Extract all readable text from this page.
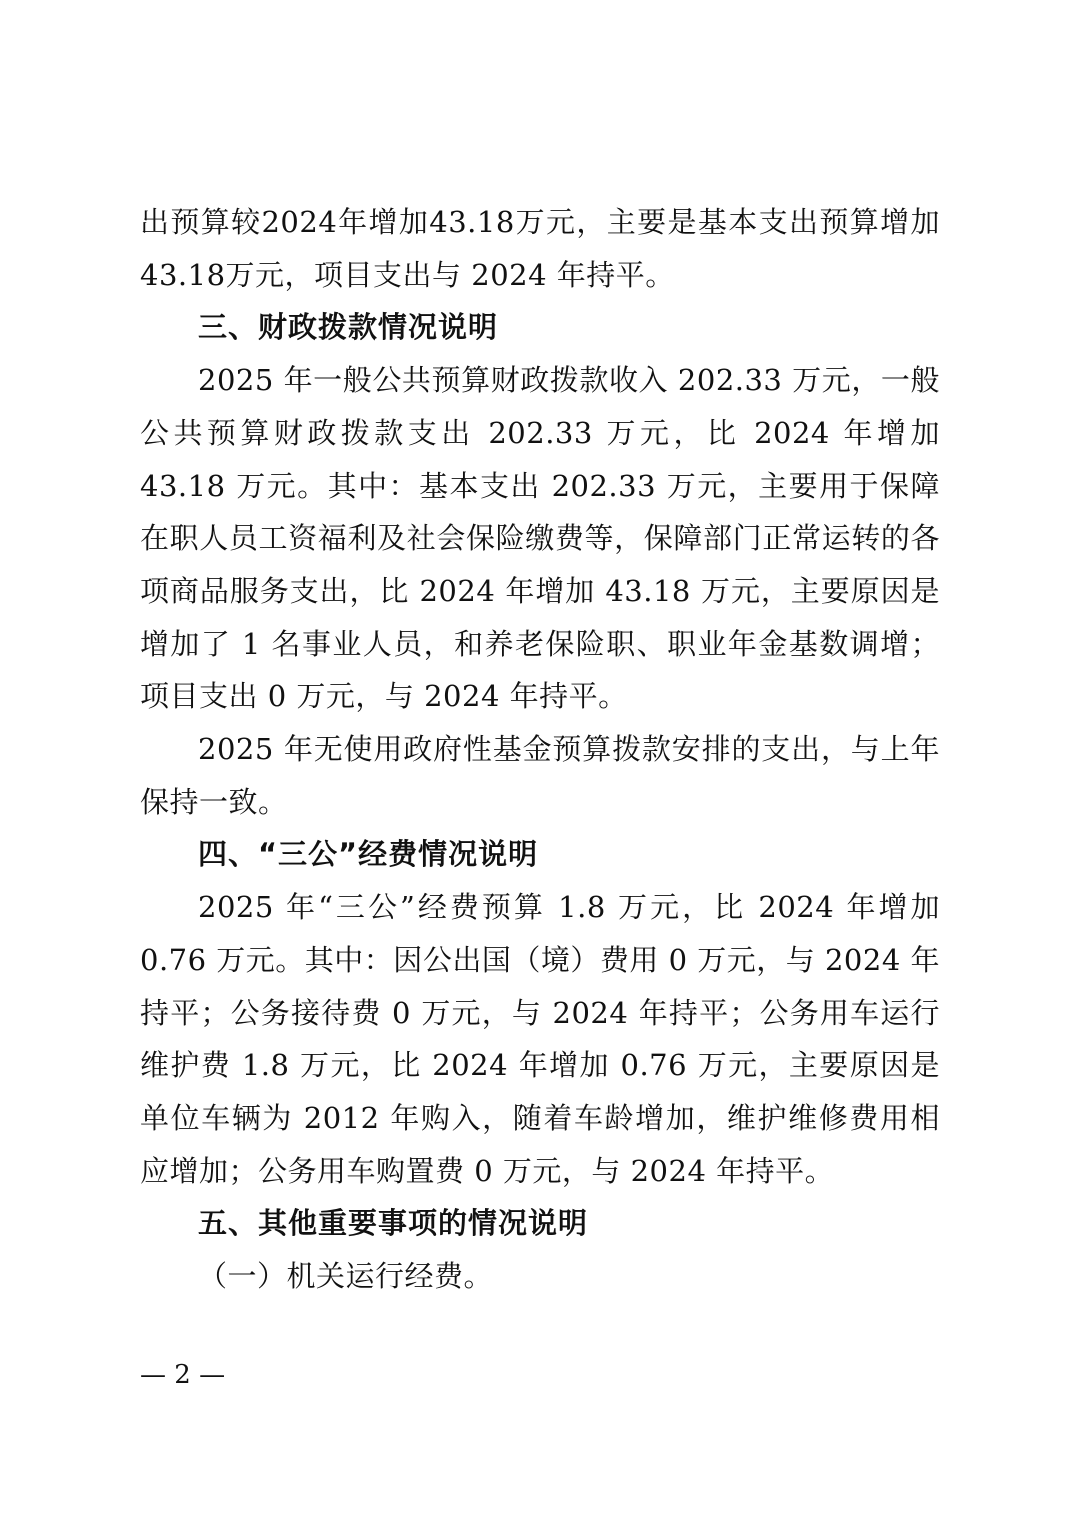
出预算较2024年增加43.18万元，主要是基本支出预算增加43.18万元，项目支出与 2024 年持平。

三、财政拨款情况说明

2025 年一般公共预算财政拨款收入 202.33 万元，一般公共预算财政拨款支出 202.33 万元，比 2024 年增加 43.18 万元。其中：基本支出 202.33 万元，主要用于保障在职人员工资福利及社会保险缴费等，保障部门正常运转的各项商品服务支出，比 2024 年增加 43.18 万元，主要原因是增加了 1 名事业人员，和养老保险职、职业年金基数调增；项目支出 0 万元，与 2024 年持平。

2025 年无使用政府性基金预算拨款安排的支出，与上年保持一致。

四、“三公”经费情况说明

2025 年“三公”经费预算 1.8 万元，比 2024 年增加 0.76 万元。其中：因公出国（境）费用 0 万元，与 2024 年持平；公务接待费 0 万元，与 2024 年持平；公务用车运行维护费 1.8 万元，比 2024 年增加 0.76 万元，主要原因是单位车辆为 2012 年购入，随着车龄增加，维护维修费用相应增加；公务用车购置费 0 万元，与 2024 年持平。

五、其他重要事项的情况说明

（一）机关运行经费。

— 2 —
